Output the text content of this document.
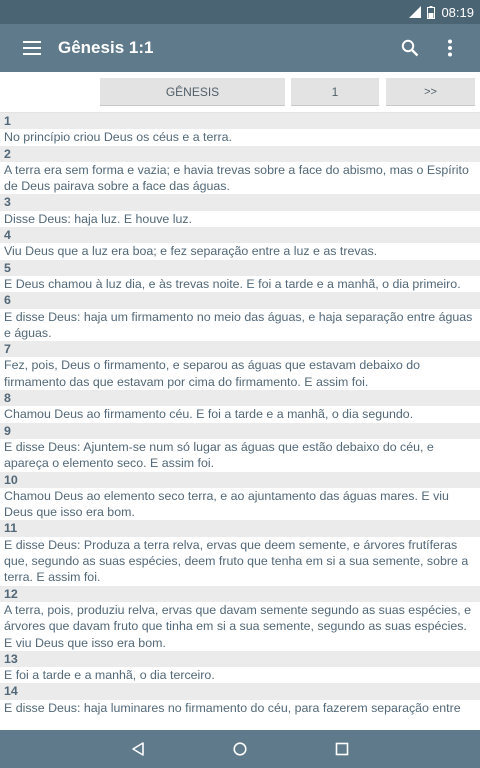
08:19
Gênesis 1:1
GÊNESIS	1	>>
1
No princípio criou Deus os céus e a terra.
2
A terra era sem forma e vazia; e havia trevas sobre a face do abismo, mas o Espírito de Deus pairava sobre a face das águas.
3
Disse Deus: haja luz. E houve luz.
4
Viu Deus que a luz era boa; e fez separação entre a luz e as trevas.
5
E Deus chamou à luz dia, e às trevas noite. E foi a tarde e a manhã, o dia primeiro.
6
E disse Deus: haja um firmamento no meio das águas, e haja separação entre águas e águas.
7
Fez, pois, Deus o firmamento, e separou as águas que estavam debaixo do firmamento das que estavam por cima do firmamento. E assim foi.
8
Chamou Deus ao firmamento céu. E foi a tarde e a manhã, o dia segundo.
9
E disse Deus: Ajuntem-se num só lugar as águas que estão debaixo do céu, e apareça o elemento seco. E assim foi.
10
Chamou Deus ao elemento seco terra, e ao ajuntamento das águas mares. E viu Deus que isso era bom.
11
E disse Deus: Produza a terra relva, ervas que deem semente, e árvores frutíferas que, segundo as suas espécies, deem fruto que tenha em si a sua semente, sobre a terra. E assim foi.
12
A terra, pois, produziu relva, ervas que davam semente segundo as suas espécies, e árvores que davam fruto que tinha em si a sua semente, segundo as suas espécies. E viu Deus que isso era bom.
13
E foi a tarde e a manhã, o dia terceiro.
14
E disse Deus: haja luminares no firmamento do céu, para fazerem separação entre
